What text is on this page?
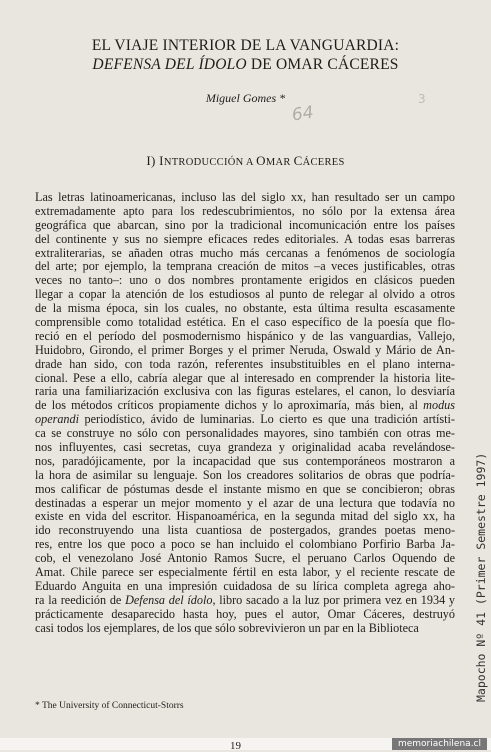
EL VIAJE INTERIOR DE LA VANGUARDIA:
DEFENSA DEL ÍDOLO DE OMAR CÁCERES
Miguel Gomes *
64
3
I) INTRODUCCIÓN A OMAR CÁCERES
Las letras latinoamericanas, incluso las del siglo xx, han resultado ser un campo
extremadamente apto para los redescubrimientos, no sólo por la extensa área
geográfica que abarcan, sino por la tradicional incomunicación entre los países
del continente y sus no siempre eficaces redes editoriales. A todas esas barreras
extraliterarias, se añaden otras mucho más cercanas a fenómenos de sociología
del arte; por ejemplo, la temprana creación de mitos –a veces justificables, otras
veces no tanto–: uno o dos nombres prontamente erigidos en clásicos pueden
llegar a copar la atención de los estudiosos al punto de relegar al olvido a otros
de la misma época, sin los cuales, no obstante, esta última resulta escasamente
comprensible como totalidad estética. En el caso específico de la poesía que flo-
reció en el período del posmodernismo hispánico y de las vanguardias, Vallejo,
Huidobro, Girondo, el primer Borges y el primer Neruda, Oswald y Mário de An-
drade han sido, con toda razón, referentes insubstituibles en el plano interna-
cional. Pese a ello, cabría alegar que al interesado en comprender la historia lite-
raria una familiarización exclusiva con las figuras estelares, el canon, lo desviaría
de los métodos críticos propiamente dichos y lo aproximaría, más bien, al modus
operandi periodístico, ávido de luminarias. Lo cierto es que una tradición artísti-
ca se construye no sólo con personalidades mayores, sino también con otras me-
nos influyentes, casi secretas, cuya grandeza y originalidad acaba revelándose-
nos, paradójicamente, por la incapacidad que sus contemporáneos mostraron a
la hora de asimilar su lenguaje. Son los creadores solitarios de obras que podría-
mos calificar de póstumas desde el instante mismo en que se concibieron; obras
destinadas a esperar un mejor momento y el azar de una lectura que todavía no
existe en vida del escritor. Hispanoamérica, en la segunda mitad del siglo xx, ha
ido reconstruyendo una lista cuantiosa de postergados, grandes poetas meno-
res, entre los que poco a poco se han incluido el colombiano Porfirio Barba Ja-
cob, el venezolano José Antonio Ramos Sucre, el peruano Carlos Oquendo de
Amat. Chile parece ser especialmente fértil en esta labor, y el reciente rescate de
Eduardo Anguita en una impresión cuidadosa de su lírica completa agrega aho-
ra la reedición de Defensa del ídolo, libro sacado a la luz por primera vez en 1934 y
prácticamente desaparecido hasta hoy, pues el autor, Omar Cáceres, destruyó
casi todos los ejemplares, de los que sólo sobrevivieron un par en la Biblioteca
* The University of Connecticut-Storrs
Mapocho Nº 41 (Primer Semestre 1997)
19	memoriachilena.cl
